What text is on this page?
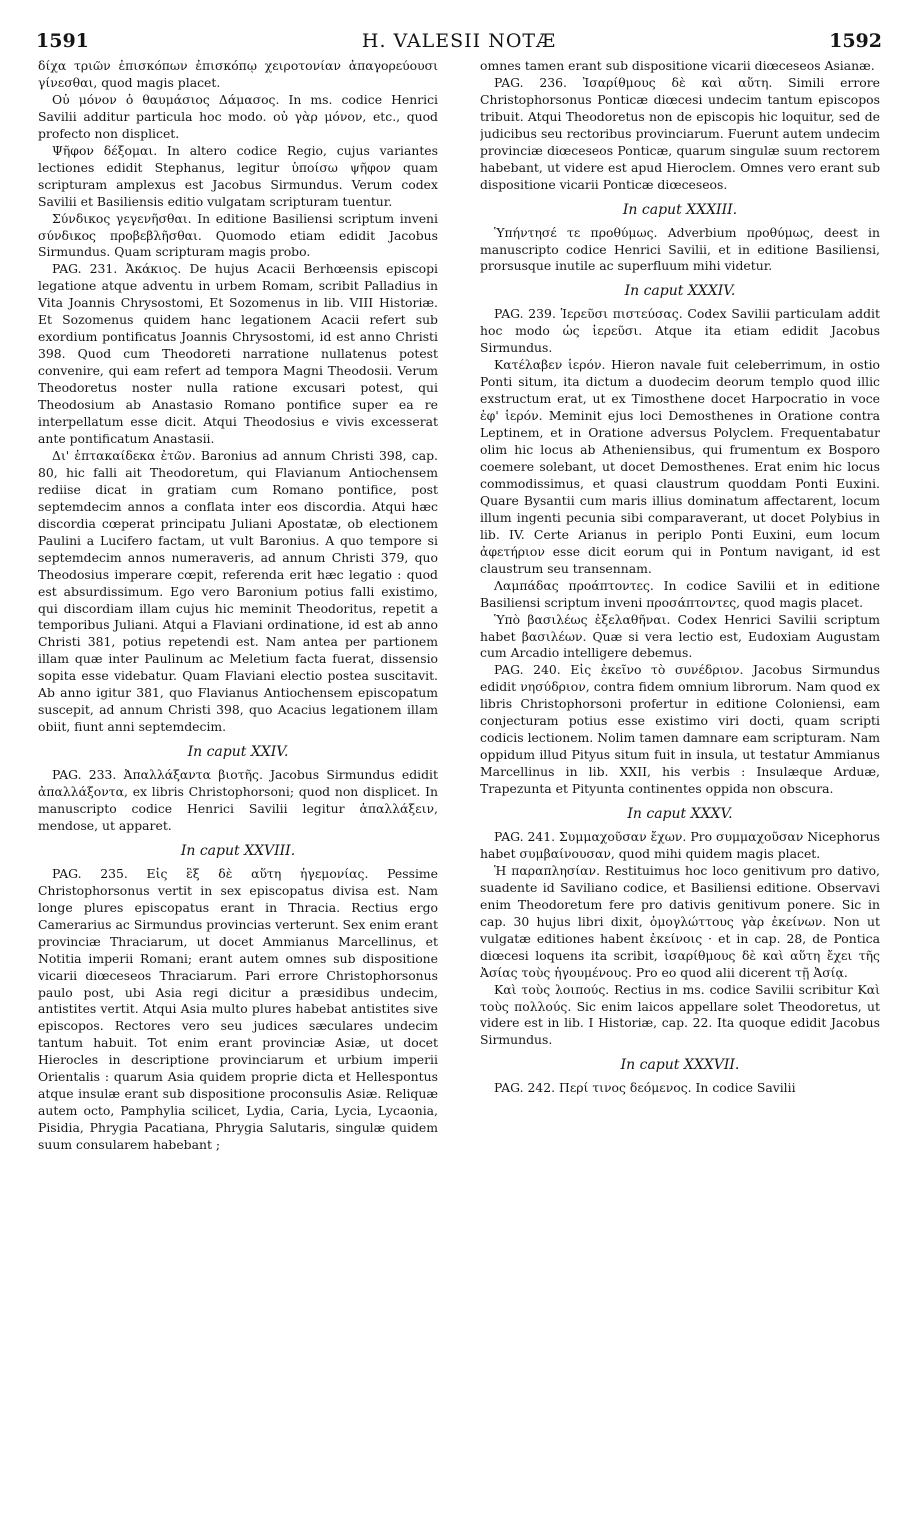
1591	H. VALESII NOTÆ	1592

δίχα τριῶν ἐπισκόπων ἐπισκόπῳ χειροτονίαν ἀπαγορεύουσι γίνεσθαι, quod magis placet.

Οὐ μόνον ὁ θαυμάσιος Δάμασος. In ms. codice Henrici Savilii additur particula hoc modo. οὐ γὰρ μόνον, etc., quod profecto non displicet.

Ψῆφον δέξομαι. In altero codice Regio, cujus variantes lectiones edidit Stephanus, legitur ὑποίσω ψῆφον quam scripturam amplexus est Jacobus Sirmundus. Verum codex Savilii et Basiliensis editio vulgatam scripturam tuentur.

Σύνδικος γεγενῆσθαι. In editione Basiliensi scriptum inveni σύνδικος προβεβλῆσθαι. Quomodo etiam edidit Jacobus Sirmundus. Quam scripturam magis probo.

PAG. 231. Ἀκάκιος. De hujus Acacii Berhœensis episcopi legatione atque adventu in urbem Romam, scribit Palladius in Vita Joannis Chrysostomi, Et Sozomenus in lib. VIII Historiæ. Et Sozomenus quidem hanc legationem Acacii refert sub exordium pontificatus Joannis Chrysostomi, id est anno Christi 398. Quod cum Theodoreti narratione nullatenus potest convenire, qui eam refert ad tempora Magni Theodosii. Verum Theodoretus noster nulla ratione excusari potest, qui Theodosium ab Anastasio Romano pontifice super ea re interpellatum esse dicit. Atqui Theodosius e vivis excesserat ante pontificatum Anastasii.

Δι' ἑπτακαίδεκα ἐτῶν. Baronius ad annum Christi 398, cap. 80, hic falli ait Theodoretum, qui Flavianum Antiochensem rediise dicat in gratiam cum Romano pontifice, post septemdecim annos a conflata inter eos discordia. Atqui hæc discordia cœperat principatu Juliani Apostatæ, ob electionem Paulini a Lucifero factam, ut vult Baronius. A quo tempore si septemdecim annos numeraveris, ad annum Christi 379, quo Theodosius imperare cœpit, referenda erit hæc legatio : quod est absurdissimum. Ego vero Baronium potius falli existimo, qui discordiam illam cujus hic meminit Theodoritus, repetit a temporibus Juliani. Atqui a Flaviani ordinatione, id est ab anno Christi 381, potius repetendi est. Nam antea per partionem illam quæ inter Paulinum ac Meletium facta fuerat, dissensio sopita esse videbatur. Quam Flaviani electio postea suscitavit. Ab anno igitur 381, quo Flavianus Antiochensem episcopatum suscepit, ad annum Christi 398, quo Acacius legationem illam obiit, fiunt anni septemdecim.

In caput XXIV.

PAG. 233. Ἀπαλλάξαντα βιοτῆς. Jacobus Sirmundus edidit ἀπαλλάξοντα, ex libris Christophorsoni; quod non displicet. In manuscripto codice Henrici Savilii legitur ἀπαλλάξειν, mendose, ut apparet.

In caput XXVIII.

PAG. 235. Εἰς ἓξ δὲ αὕτη ἡγεμονίας. Pessime Christophorsonus vertit in sex episcopatus divisa est. Nam longe plures episcopatus erant in Thracia. Rectius ergo Camerarius ac Sirmundus provincias verterunt. Sex enim erant provinciæ Thraciarum, ut docet Ammianus Marcellinus, et Notitia imperii Romani; erant autem omnes sub dispositione vicarii diœceseos Thraciarum. Pari errore Christophorsonus paulo post, ubi Asia regi dicitur a præsidibus undecim, antistites vertit. Atqui Asia multo plures habebat antistites sive episcopos. Rectores vero seu judices sæculares undecim tantum habuit. Tot enim erant provinciæ Asiæ, ut docet Hierocles in descriptione provinciarum et urbium imperii Orientalis : quarum Asia quidem proprie dicta et Hellespontus atque insulæ erant sub dispositione proconsulis Asiæ. Reliquæ autem octo, Pamphylia scilicet, Lydia, Caria, Lycia, Lycaonia, Pisidia, Phrygia Pacatiana, Phrygia Salutaris, singulæ quidem suum consularem habebant ;

omnes tamen erant sub dispositione vicarii diœceseos Asianæ.

PAG. 236. Ἰσαρίθμους δὲ καὶ αὕτη. Simili errore Christophorsonus Ponticæ diœcesi undecim tantum episcopos tribuit. Atqui Theodoretus non de episcopis hic loquitur, sed de judicibus seu rectoribus provinciarum. Fuerunt autem undecim provinciæ diœceseos Ponticæ, quarum singulæ suum rectorem habebant, ut videre est apud Hieroclem. Omnes vero erant sub dispositione vicarii Ponticæ diœceseos.

In caput XXXIII.

Ὑπήντησέ τε προθύμως. Adverbium προθύμως, deest in manuscripto codice Henrici Savilii, et in editione Basiliensi, prorsusque inutile ac superfluum mihi videtur.

In caput XXXIV.

PAG. 239. Ἱερεῦσι πιστεύσας. Codex Savilii particulam addit hoc modo ὡς ἱερεῦσι. Atque ita etiam edidit Jacobus Sirmundus.

Κατέλαβεν ἱερόν. Hieron navale fuit celeberrimum, in ostio Ponti situm, ita dictum a duodecim deorum templo quod illic exstructum erat, ut ex Timosthene docet Harpocratio in voce ἐφ' ἱερόν. Meminit ejus loci Demosthenes in Oratione contra Leptinem, et in Oratione adversus Polyclem. Frequentabatur olim hic locus ab Atheniensibus, qui frumentum ex Bosporo coemere solebant, ut docet Demosthenes. Erat enim hic locus commodissimus, et quasi claustrum quoddam Ponti Euxini. Quare Bysantii cum maris illius dominatum affectarent, locum illum ingenti pecunia sibi comparaverant, ut docet Polybius in lib. IV. Certe Arianus in periplo Ponti Euxini, eum locum ἀφετήριον esse dicit eorum qui in Pontum navigant, id est claustrum seu transennam.

Λαμπάδας προάπτοντες. In codice Savilii et in editione Basiliensi scriptum inveni προσάπτοντες, quod magis placet.

Ὑπὸ βασιλέως ἐξελαθῆναι. Codex Henrici Savilii scriptum habet βασιλέων. Quæ si vera lectio est, Eudoxiam Augustam cum Arcadio intelligere debemus.

PAG. 240. Εἰς ἐκεῖνο τὸ συνέδριον. Jacobus Sirmundus edidit νησύδριον, contra fidem omnium librorum. Nam quod ex libris Christophorsoni profertur in editione Coloniensi, eam conjecturam potius esse existimo viri docti, quam scripti codicis lectionem. Nolim tamen damnare eam scripturam. Nam oppidum illud Pityus situm fuit in insula, ut testatur Ammianus Marcellinus in lib. XXII, his verbis : Insulæque Arduæ, Trapezunta et Pityunta continentes oppida non obscura.

In caput XXXV.

PAG. 241. Συμμαχοῦσαν ἔχων. Pro συμμαχοῦσαν Nicephorus habet συμβαίνουσαν, quod mihi quidem magis placet.

Ἡ παραπλησίαν. Restituimus hoc loco genitivum pro dativo, suadente id Saviliano codice, et Basiliensi editione. Observavi enim Theodoretum fere pro dativis genitivum ponere. Sic in cap. 30 hujus libri dixit, ὁμογλώττους γὰρ ἐκείνων. Non ut vulgatæ editiones habent ἐκείνοις · et in cap. 28, de Pontica diœcesi loquens ita scribit, ἰσαρίθμους δὲ καὶ αὕτη ἔχει τῆς Ἀσίας τοὺς ἡγουμένους. Pro eo quod alii dicerent τῇ Ἀσίᾳ.

Καὶ τοὺς λοιπούς. Rectius in ms. codice Savilii scribitur Καὶ τοὺς πολλούς. Sic enim laicos appellare solet Theodoretus, ut videre est in lib. I Historiæ, cap. 22. Ita quoque edidit Jacobus Sirmundus.

In caput XXXVII.

PAG. 242. Περί τινος δεόμενος. In codice Savilii
